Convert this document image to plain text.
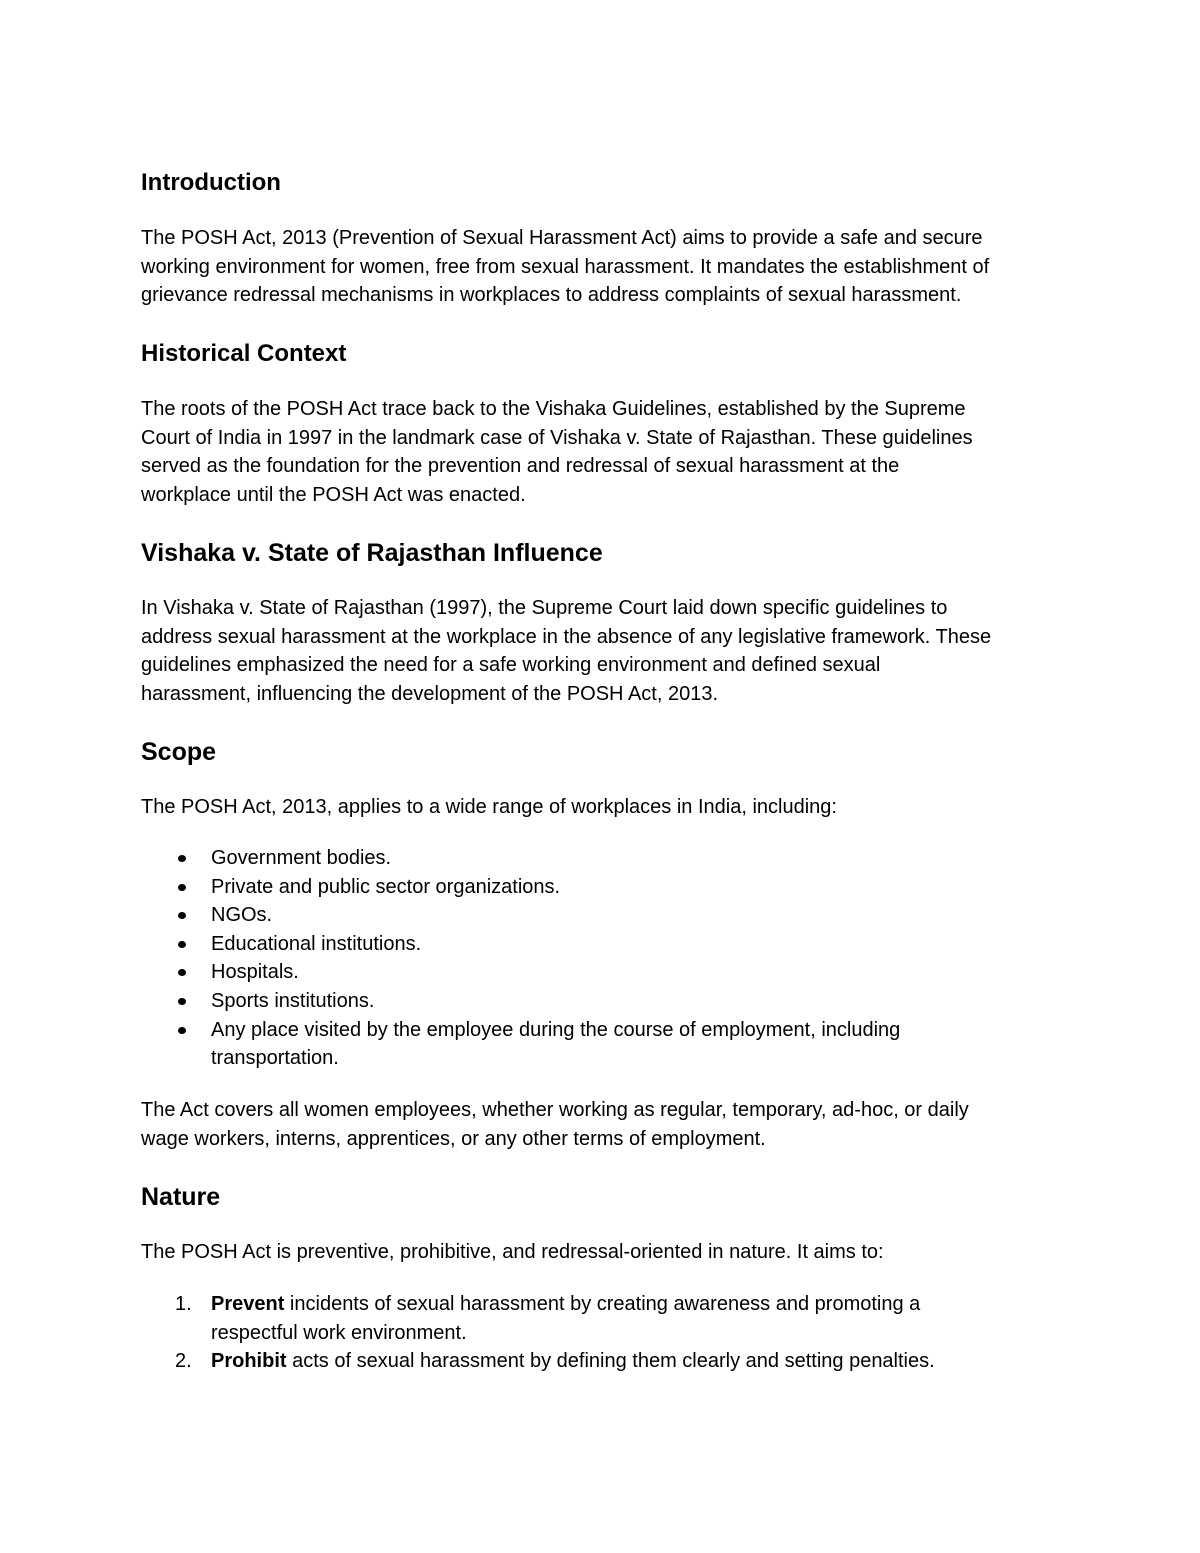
Introduction

The POSH Act, 2013 (Prevention of Sexual Harassment Act) aims to provide a safe and secure
working environment for women, free from sexual harassment. It mandates the establishment of
grievance redressal mechanisms in workplaces to address complaints of sexual harassment.

Historical Context

The roots of the POSH Act trace back to the Vishaka Guidelines, established by the Supreme
Court of India in 1997 in the landmark case of Vishaka v. State of Rajasthan. These guidelines
served as the foundation for the prevention and redressal of sexual harassment at the
workplace until the POSH Act was enacted.

Vishaka v. State of Rajasthan Influence

In Vishaka v. State of Rajasthan (1997), the Supreme Court laid down specific guidelines to
address sexual harassment at the workplace in the absence of any legislative framework. These
guidelines emphasized the need for a safe working environment and defined sexual
harassment, influencing the development of the POSH Act, 2013.

Scope

The POSH Act, 2013, applies to a wide range of workplaces in India, including:

Government bodies.
Private and public sector organizations.
NGOs.
Educational institutions.
Hospitals.
Sports institutions.
Any place visited by the employee during the course of employment, including
transportation.

The Act covers all women employees, whether working as regular, temporary, ad-hoc, or daily
wage workers, interns, apprentices, or any other terms of employment.

Nature

The POSH Act is preventive, prohibitive, and redressal-oriented in nature. It aims to:

1. Prevent incidents of sexual harassment by creating awareness and promoting a
respectful work environment.
2. Prohibit acts of sexual harassment by defining them clearly and setting penalties.
